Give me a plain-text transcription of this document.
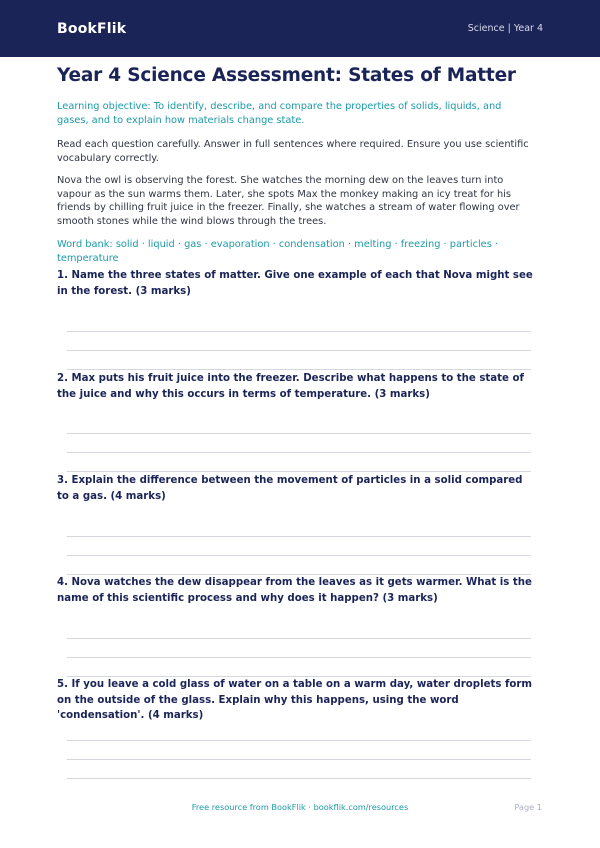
BookFlik	Science | Year 4
Year 4 Science Assessment: States of Matter
Learning objective: To identify, describe, and compare the properties of solids, liquids, and gases, and to explain how materials change state.
Read each question carefully. Answer in full sentences where required. Ensure you use scientific vocabulary correctly.
Nova the owl is observing the forest. She watches the morning dew on the leaves turn into vapour as the sun warms them. Later, she spots Max the monkey making an icy treat for his friends by chilling fruit juice in the freezer. Finally, she watches a stream of water flowing over smooth stones while the wind blows through the trees.
Word bank: solid · liquid · gas · evaporation · condensation · melting · freezing · particles · temperature
1. Name the three states of matter. Give one example of each that Nova might see in the forest. (3 marks)
2. Max puts his fruit juice into the freezer. Describe what happens to the state of the juice and why this occurs in terms of temperature. (3 marks)
3. Explain the difference between the movement of particles in a solid compared to a gas. (4 marks)
4. Nova watches the dew disappear from the leaves as it gets warmer. What is the name of this scientific process and why does it happen? (3 marks)
5. If you leave a cold glass of water on a table on a warm day, water droplets form on the outside of the glass. Explain why this happens, using the word 'condensation'. (4 marks)
Free resource from BookFlik · bookflik.com/resources	Page 1
